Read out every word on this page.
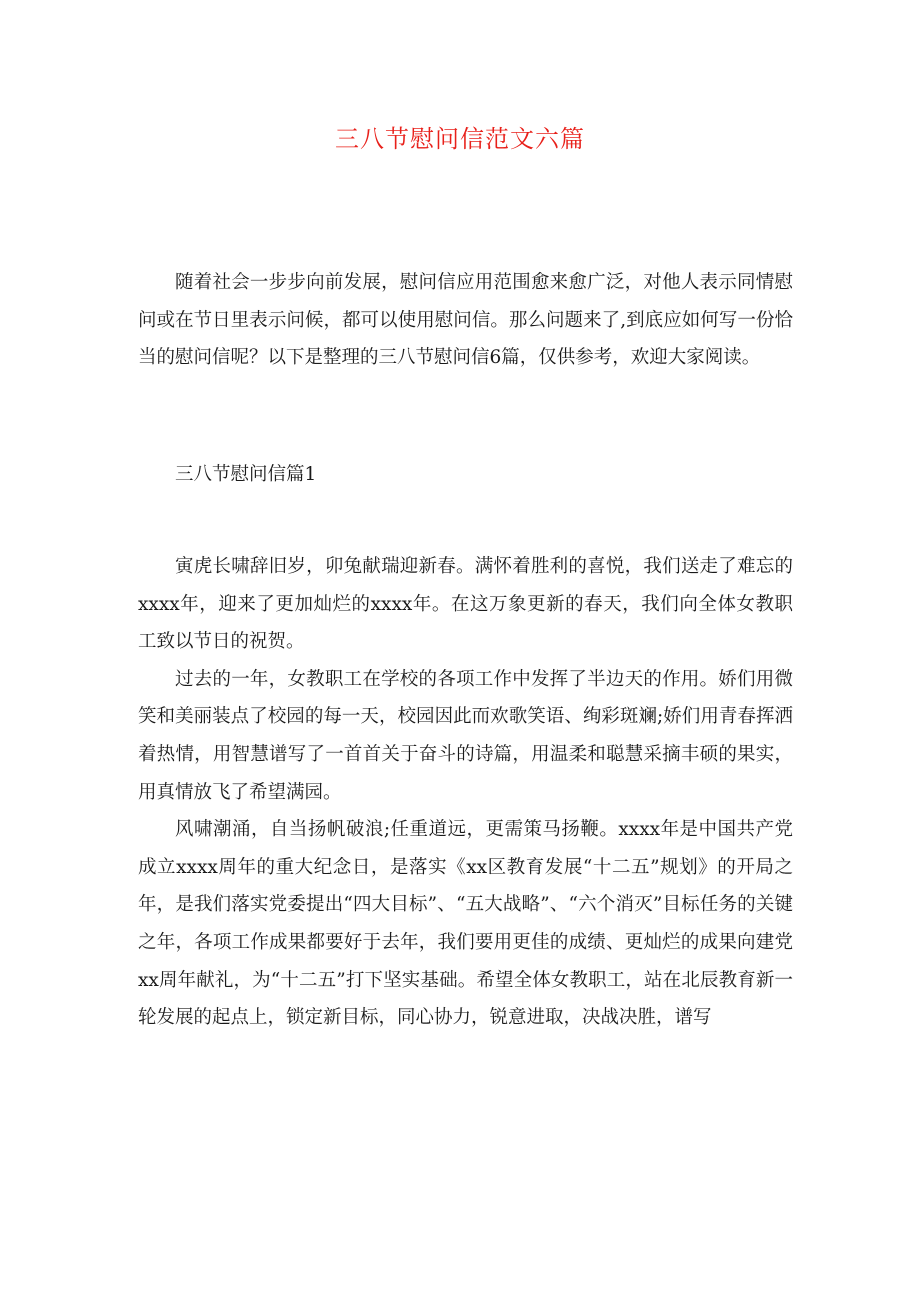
三八节慰问信范文六篇

随着社会一步步向前发展，慰问信应用范围愈来愈广泛，对他人表示同情慰问或在节日里表示问候，都可以使用慰问信。那么问题来了,到底应如何写一份恰当的慰问信呢？以下是整理的三八节慰问信6篇，仅供参考，欢迎大家阅读。

三八节慰问信篇1

寅虎长啸辞旧岁，卯兔献瑞迎新春。满怀着胜利的喜悦，我们送走了难忘的xxxx年，迎来了更加灿烂的xxxx年。在这万象更新的春天，我们向全体女教职工致以节日的祝贺。

过去的一年，女教职工在学校的各项工作中发挥了半边天的作用。娇们用微笑和美丽装点了校园的每一天，校园因此而欢歌笑语、绚彩斑斓;娇们用青春挥洒着热情，用智慧谱写了一首首关于奋斗的诗篇，用温柔和聪慧采摘丰硕的果实，用真情放飞了希望满园。

风啸潮涌，自当扬帆破浪;任重道远，更需策马扬鞭。xxxx年是中国共产党成立xxxx周年的重大纪念日，是落实《xx区教育发展“十二五”规划》的开局之年，是我们落实党委提出“四大目标”、“五大战略”、“六个消灭”目标任务的关键之年，各项工作成果都要好于去年，我们要用更佳的成绩、更灿烂的成果向建党xx周年献礼，为“十二五”打下坚实基础。希望全体女教职工，站在北辰教育新一轮发展的起点上，锁定新目标，同心协力，锐意进取，决战决胜，谱写
